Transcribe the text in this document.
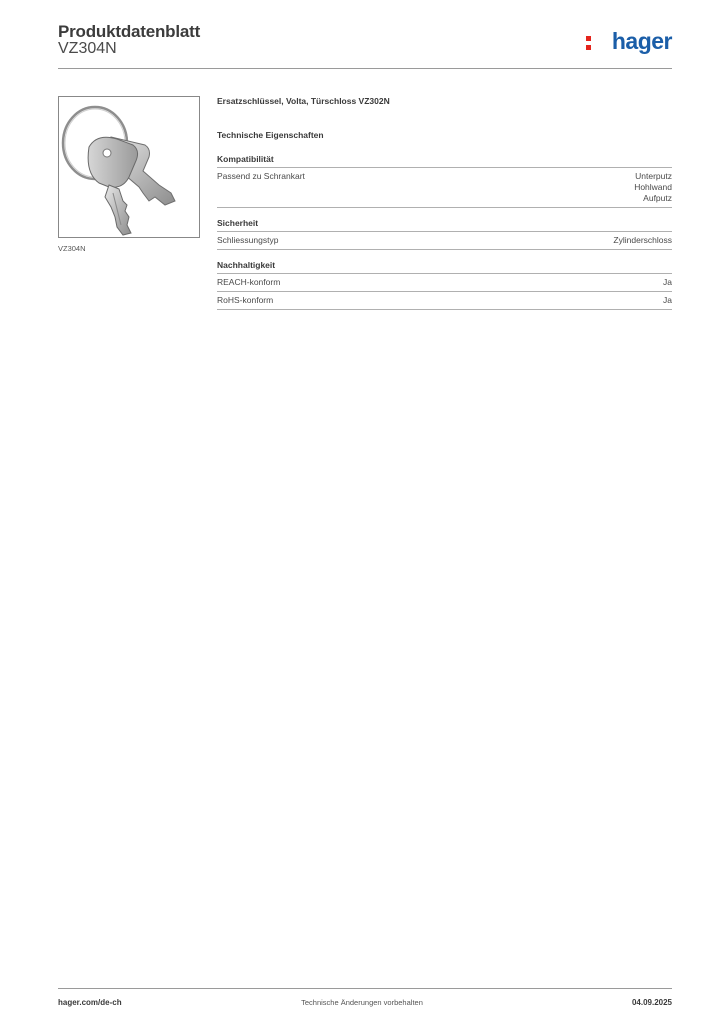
Produktdatenblatt
VZ304N	hager
VZ304N
Ersatzschlüssel, Volta, Türschloss VZ302N
Technische Eigenschaften
Kompatibilität
Passend zu Schrankart	Unterputz
Hohlwand
Aufputz
Sicherheit
Schliessungstyp	Zylinderschloss
Nachhaltigkeit
REACH-konform	Ja
RoHS-konform	Ja
hager.com/de-ch	Technische Änderungen vorbehalten	04.09.2025
